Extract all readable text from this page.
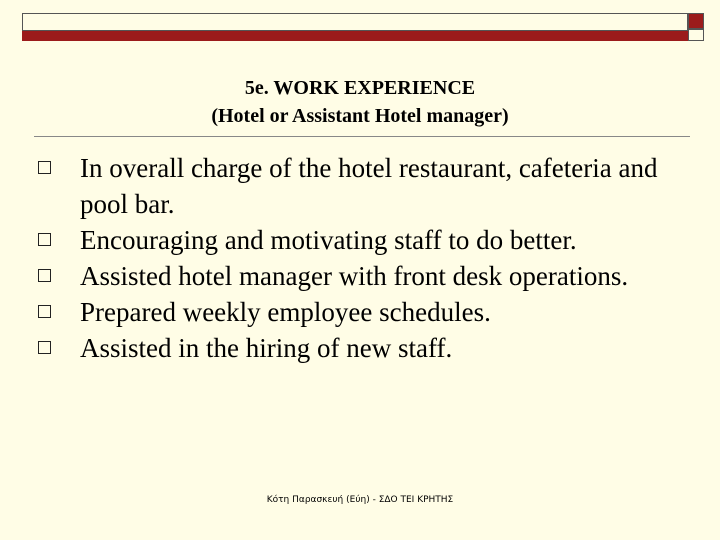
5e. WORK EXPERIENCE
(Hotel or Assistant Hotel manager)
In overall charge of the hotel restaurant, cafeteria and pool bar.
Encouraging and motivating staff to do better.
Assisted hotel manager with front desk operations.
Prepared weekly employee schedules.
Assisted in the hiring of new staff.
Κότη Παρασκευή (Εύη) - ΣΔΟ ΤΕΙ ΚΡΗΤΗΣ
